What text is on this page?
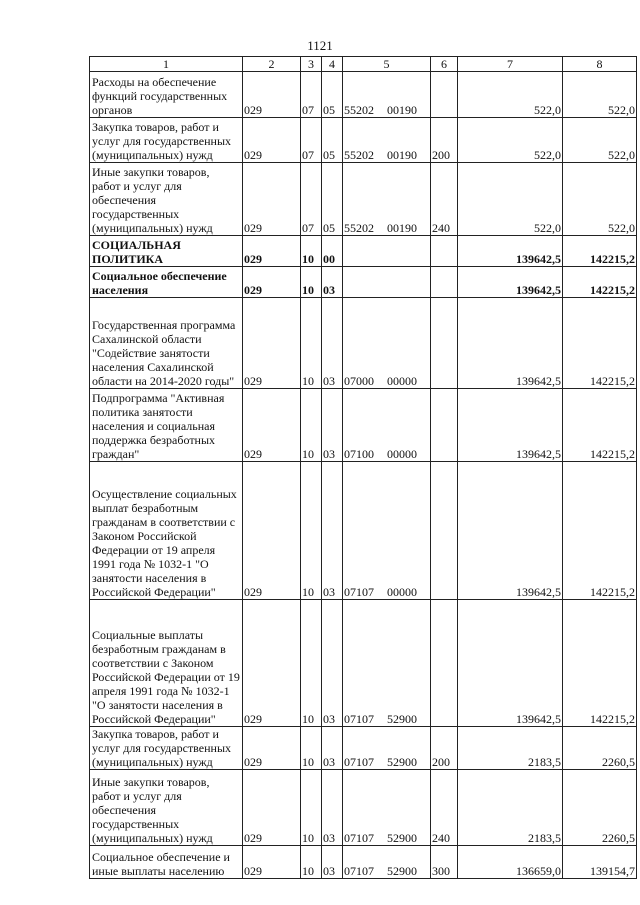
1121
1	2	3	4	5	6	7	8
Расходы на обеспечение функций государственных органов	029	07	05	55202 00190		522,0	522,0
Закупка товаров, работ и услуг для государственных (муниципальных) нужд	029	07	05	55202 00190	200	522,0	522,0
Иные закупки товаров, работ и услуг для обеспечения государственных (муниципальных) нужд	029	07	05	55202 00190	240	522,0	522,0
СОЦИАЛЬНАЯ ПОЛИТИКА	029	10	00			139642,5	142215,2
Социальное обеспечение населения	029	10	03			139642,5	142215,2
Государственная программа Сахалинской области "Содействие занятости населения Сахалинской области на 2014-2020 годы"	029	10	03	07000 00000		139642,5	142215,2
Подпрограмма "Активная политика занятости населения и социальная поддержка безработных граждан"	029	10	03	07100 00000		139642,5	142215,2
Осуществление социальных выплат безработным гражданам в соответствии с Законом Российской Федерации от 19 апреля 1991 года № 1032-1 "О занятости населения в Российской Федерации"	029	10	03	07107 00000		139642,5	142215,2
Социальные выплаты безработным гражданам в соответствии с Законом Российской Федерации от 19 апреля 1991 года № 1032-1 "О занятости населения в Российской Федерации"	029	10	03	07107 52900		139642,5	142215,2
Закупка товаров, работ и услуг для государственных (муниципальных) нужд	029	10	03	07107 52900	200	2183,5	2260,5
Иные закупки товаров, работ и услуг для обеспечения государственных (муниципальных) нужд	029	10	03	07107 52900	240	2183,5	2260,5
Социальное обеспечение и иные выплаты населению	029	10	03	07107 52900	300	136659,0	139154,7
